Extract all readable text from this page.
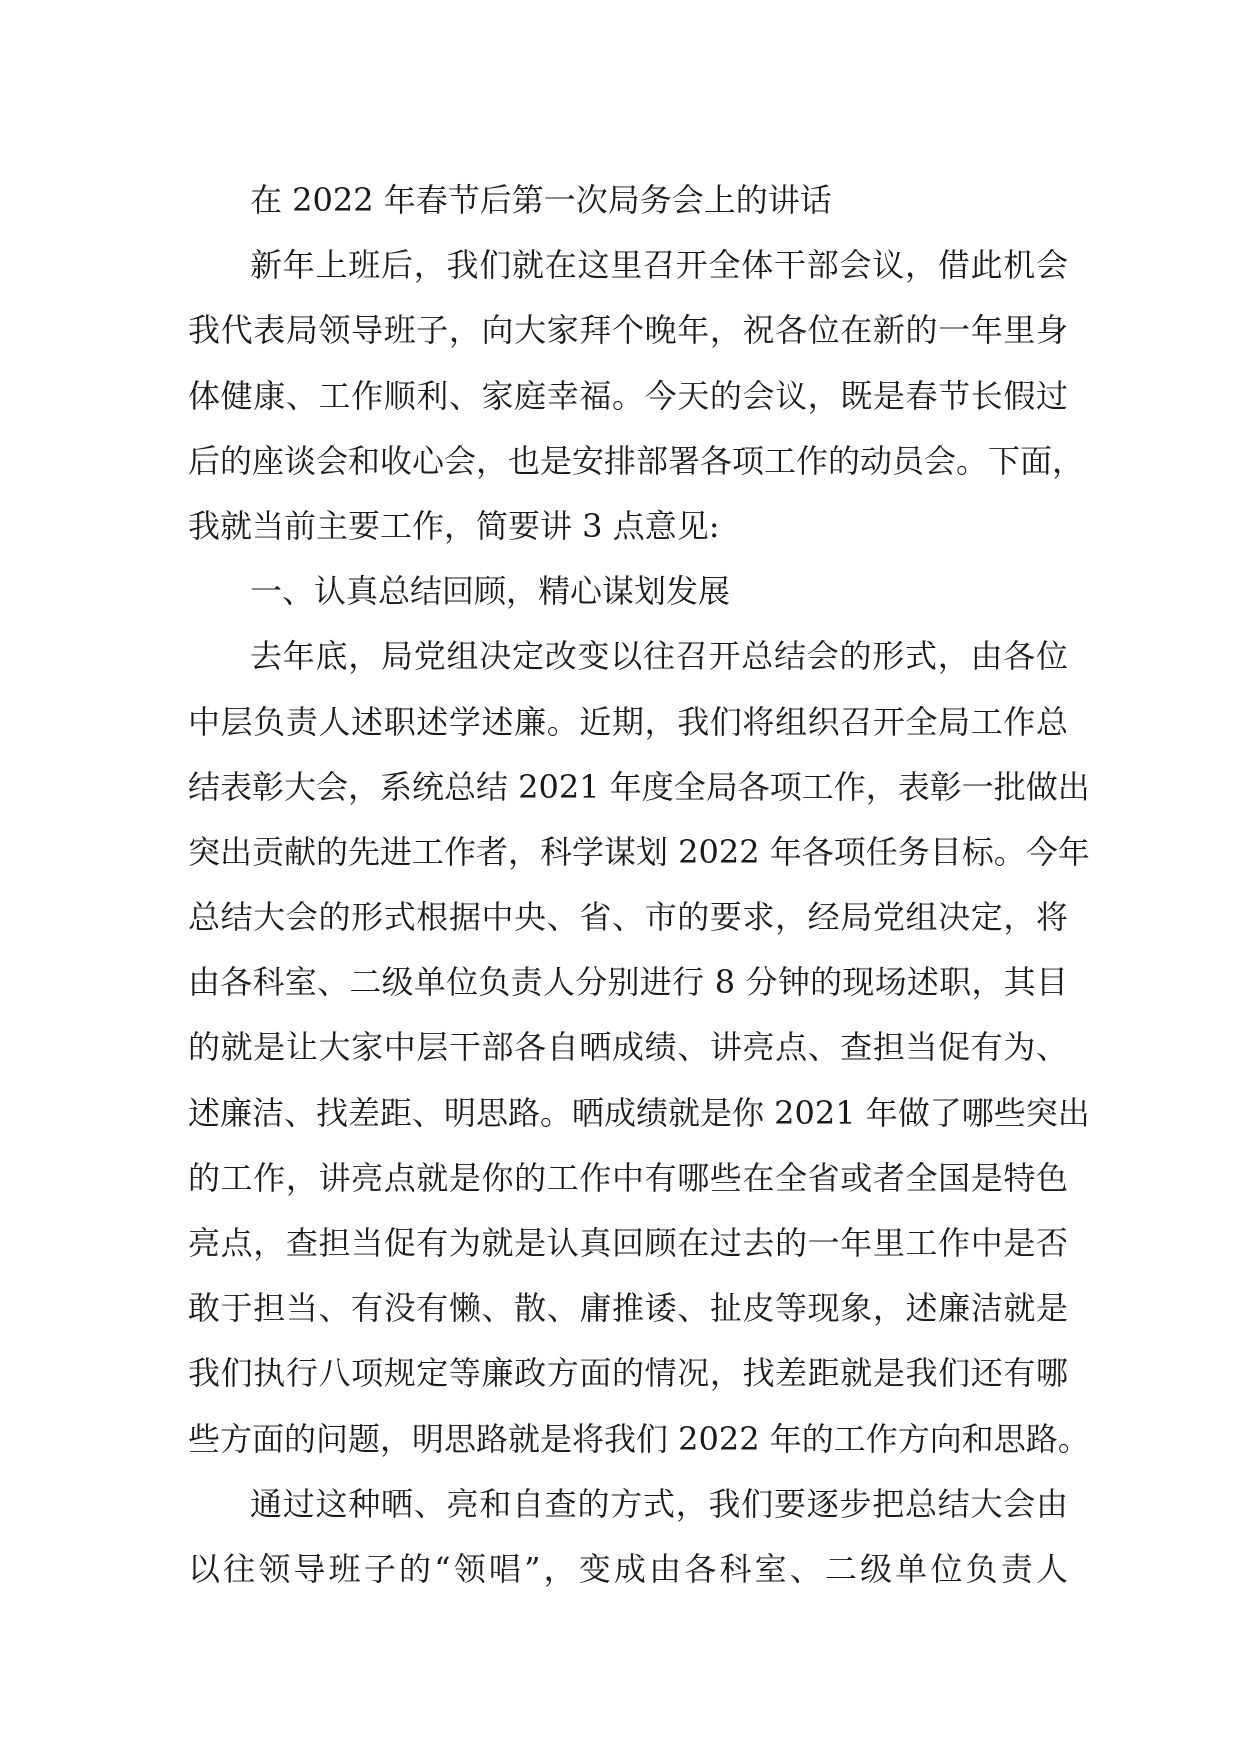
在 2022 年春节后第一次局务会上的讲话
新年上班后，我们就在这里召开全体干部会议，借此机会
我代表局领导班子，向大家拜个晚年，祝各位在新的一年里身
体健康、工作顺利、家庭幸福。今天的会议，既是春节长假过
后的座谈会和收心会，也是安排部署各项工作的动员会。下面，
我就当前主要工作，简要讲 3 点意见:
一、认真总结回顾，精心谋划发展
去年底，局党组决定改变以往召开总结会的形式，由各位
中层负责人述职述学述廉。近期，我们将组织召开全局工作总
结表彰大会，系统总结 2021 年度全局各项工作，表彰一批做出
突出贡献的先进工作者，科学谋划 2022 年各项任务目标。今年
总结大会的形式根据中央、省、市的要求，经局党组决定，将
由各科室、二级单位负责人分别进行 8 分钟的现场述职，其目
的就是让大家中层干部各自晒成绩、讲亮点、查担当促有为、
述廉洁、找差距、明思路。晒成绩就是你 2021 年做了哪些突出
的工作，讲亮点就是你的工作中有哪些在全省或者全国是特色
亮点，查担当促有为就是认真回顾在过去的一年里工作中是否
敢于担当、有没有懒、散、庸推诿、扯皮等现象，述廉洁就是
我们执行八项规定等廉政方面的情况，找差距就是我们还有哪
些方面的问题，明思路就是将我们 2022 年的工作方向和思路。
通过这种晒、亮和自查的方式，我们要逐步把总结大会由
以往领导班子的“领唱”，变成由各科室、二级单位负责人
